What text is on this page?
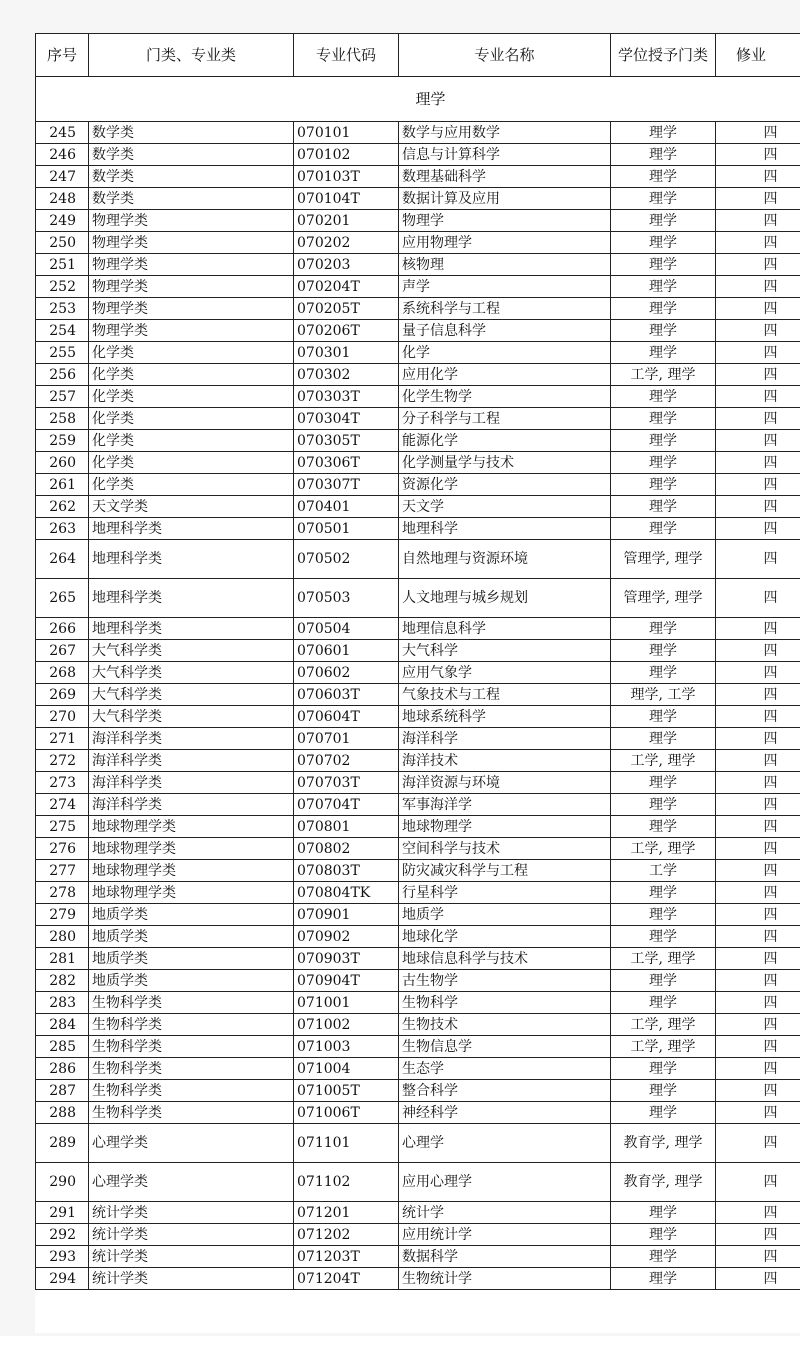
序号	门类、专业类	专业代码	专业名称	学位授予门类	修业
理学					
245	数学类	070101	数学与应用数学	理学	四
246	数学类	070102	信息与计算科学	理学	四
247	数学类	070103T	数理基础科学	理学	四
248	数学类	070104T	数据计算及应用	理学	四
249	物理学类	070201	物理学	理学	四
250	物理学类	070202	应用物理学	理学	四
251	物理学类	070203	核物理	理学	四
252	物理学类	070204T	声学	理学	四
253	物理学类	070205T	系统科学与工程	理学	四
254	物理学类	070206T	量子信息科学	理学	四
255	化学类	070301	化学	理学	四
256	化学类	070302	应用化学	工学, 理学	四
257	化学类	070303T	化学生物学	理学	四
258	化学类	070304T	分子科学与工程	理学	四
259	化学类	070305T	能源化学	理学	四
260	化学类	070306T	化学测量学与技术	理学	四
261	化学类	070307T	资源化学	理学	四
262	天文学类	070401	天文学	理学	四
263	地理科学类	070501	地理科学	理学	四
264	地理科学类	070502	自然地理与资源环境	管理学, 理学	四
265	地理科学类	070503	人文地理与城乡规划	管理学, 理学	四
266	地理科学类	070504	地理信息科学	理学	四
267	大气科学类	070601	大气科学	理学	四
268	大气科学类	070602	应用气象学	理学	四
269	大气科学类	070603T	气象技术与工程	理学, 工学	四
270	大气科学类	070604T	地球系统科学	理学	四
271	海洋科学类	070701	海洋科学	理学	四
272	海洋科学类	070702	海洋技术	工学, 理学	四
273	海洋科学类	070703T	海洋资源与环境	理学	四
274	海洋科学类	070704T	军事海洋学	理学	四
275	地球物理学类	070801	地球物理学	理学	四
276	地球物理学类	070802	空间科学与技术	工学, 理学	四
277	地球物理学类	070803T	防灾减灾科学与工程	工学	四
278	地球物理学类	070804TK	行星科学	理学	四
279	地质学类	070901	地质学	理学	四
280	地质学类	070902	地球化学	理学	四
281	地质学类	070903T	地球信息科学与技术	工学, 理学	四
282	地质学类	070904T	古生物学	理学	四
283	生物科学类	071001	生物科学	理学	四
284	生物科学类	071002	生物技术	工学, 理学	四
285	生物科学类	071003	生物信息学	工学, 理学	四
286	生物科学类	071004	生态学	理学	四
287	生物科学类	071005T	整合科学	理学	四
288	生物科学类	071006T	神经科学	理学	四
289	心理学类	071101	心理学	教育学, 理学	四
290	心理学类	071102	应用心理学	教育学, 理学	四
291	统计学类	071201	统计学	理学	四
292	统计学类	071202	应用统计学	理学	四
293	统计学类	071203T	数据科学	理学	四
294	统计学类	071204T	生物统计学	理学	四
